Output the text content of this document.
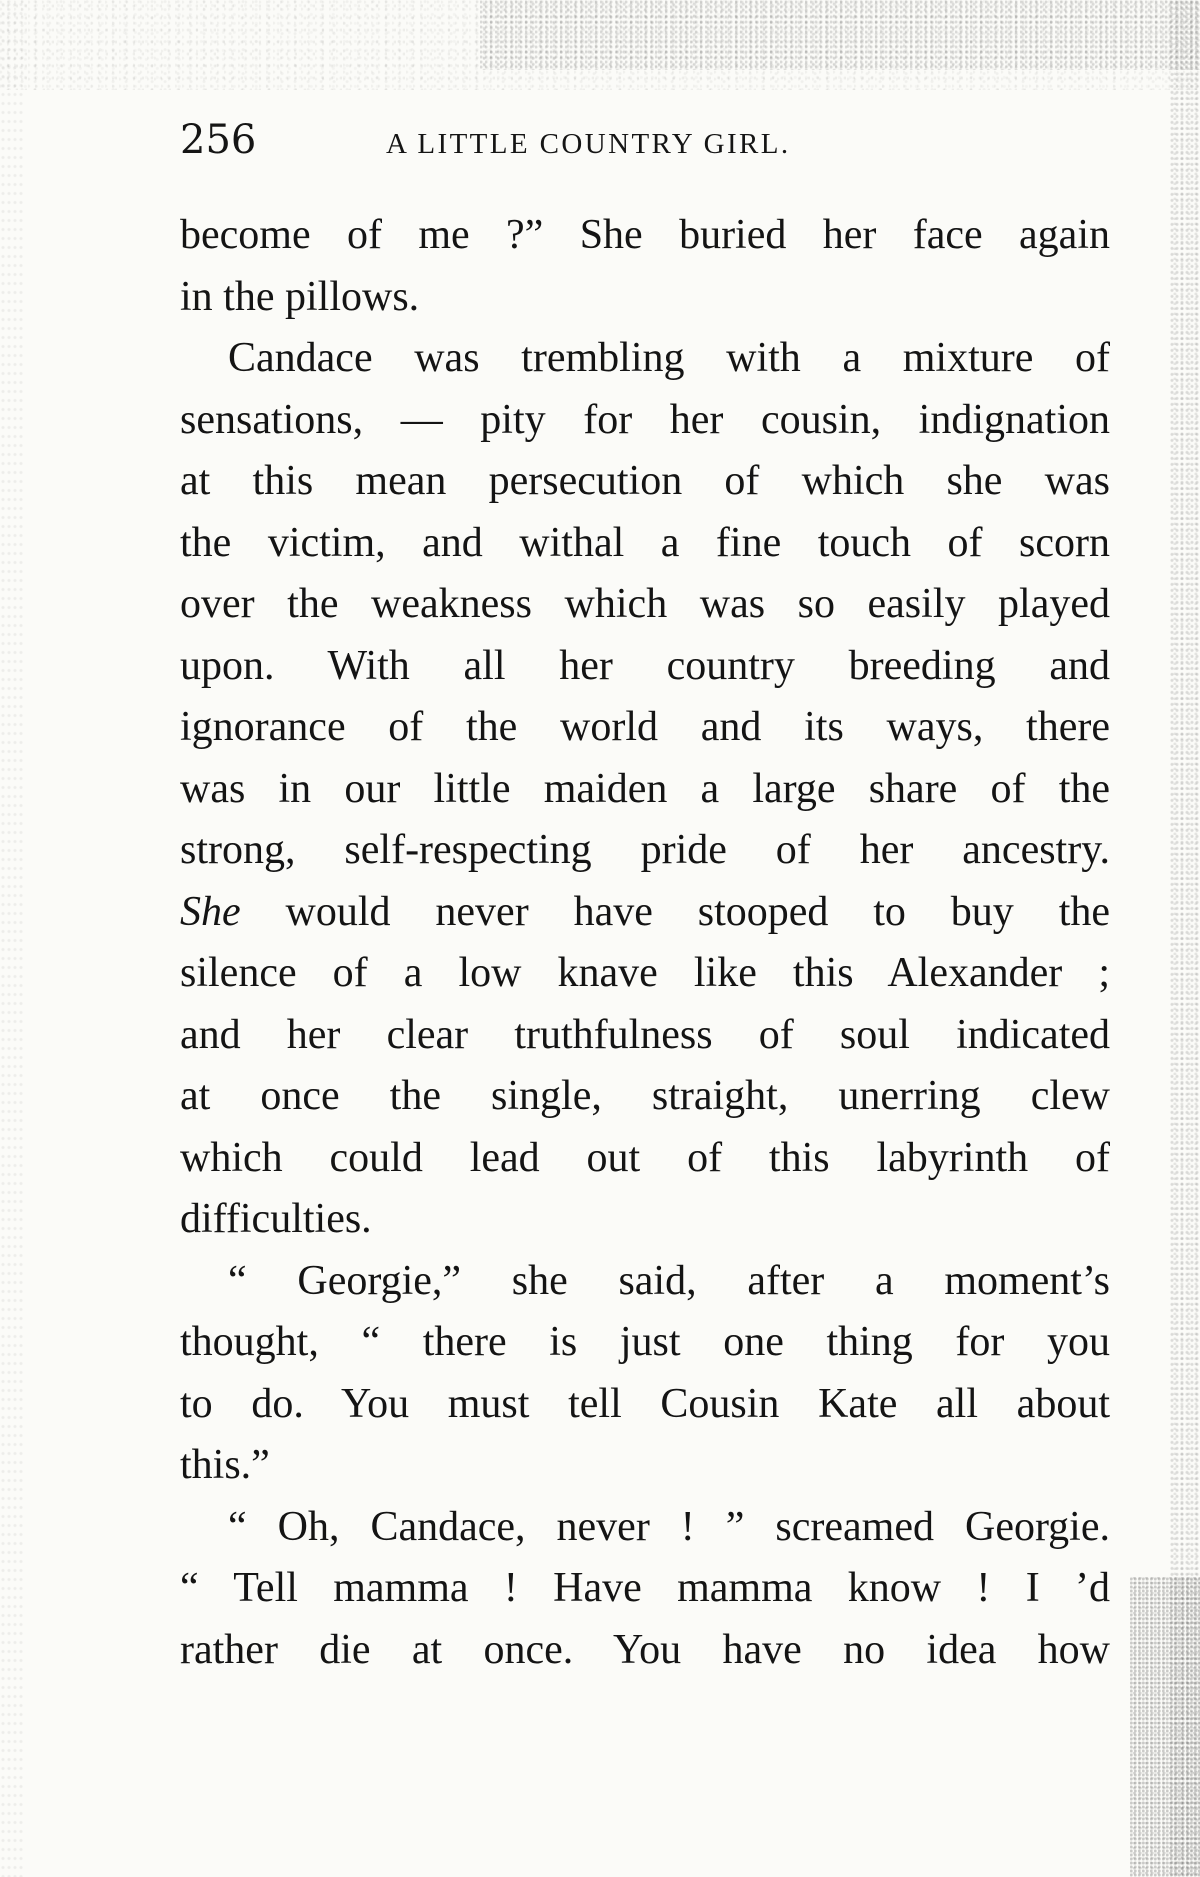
256	A LITTLE COUNTRY GIRL.
become of me ?” She buried her face again
in the pillows.
Candace was trembling with a mixture of
sensations, — pity for her cousin, indignation
at this mean persecution of which she was
the victim, and withal a fine touch of scorn
over the weakness which was so easily played
upon. With all her country breeding and
ignorance of the world and its ways, there
was in our little maiden a large share of the
strong, self-respecting pride of her ancestry.
She would never have stooped to buy the
silence of a low knave like this Alexander ;
and her clear truthfulness of soul indicated
at once the single, straight, unerring clew
which could lead out of this labyrinth of
difficulties.
“ Georgie,” she said, after a moment’s
thought, “ there is just one thing for you
to do. You must tell Cousin Kate all about
this.”
“ Oh, Candace, never ! ” screamed Georgie.
“ Tell mamma ! Have mamma know ! I ’d
rather die at once. You have no idea how
